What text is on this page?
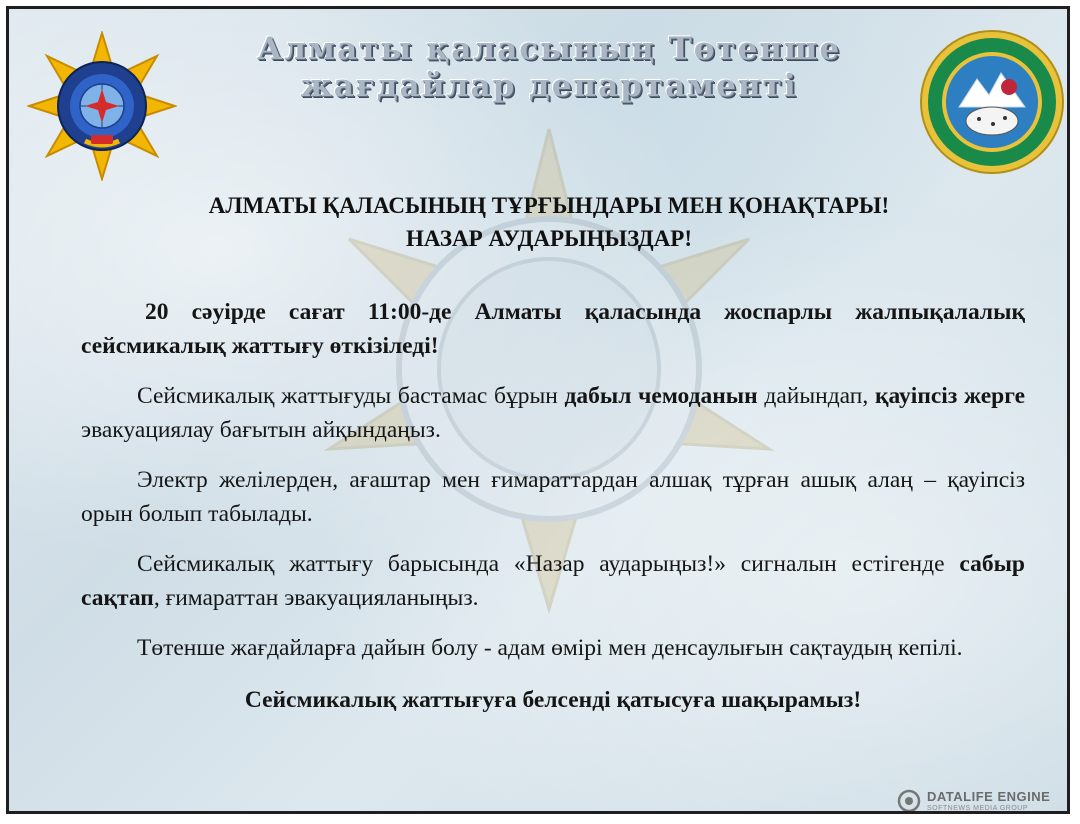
Алматы қаласының Төтенше
жағдайлар департаменті
АЛМАТЫ ҚАЛАСЫНЫҢ ТҰРҒЫНДАРЫ МЕН ҚОНАҚТАРЫ!
НАЗАР АУДАРЫҢЫЗДАР!

20 сәуірде сағат 11:00-де Алматы қаласында жоспарлы жалпықалалық сейсмикалық жаттығу өткізіледі!

Сейсмикалық жаттығуды бастамас бұрын дабыл чемоданын дайындап, қауіпсіз жерге эвакуациялау бағытын айқындаңыз.

Электр желілерден, ағаштар мен ғимараттардан алшақ тұрған ашық алаң – қауіпсіз орын болып табылады.

Сейсмикалық жаттығу барысында «Назар аударыңыз!» сигналын естігенде сабыр сақтап, ғимараттан эвакуацияланыңыз.

Төтенше жағдайларға дайын болу - адам өмірі мен денсаулығын сақтаудың кепілі.

Сейсмикалық жаттығуға белсенді қатысуға шақырамыз!

DATALIFE ENGINE
SOFTNEWS MEDIA GROUP
